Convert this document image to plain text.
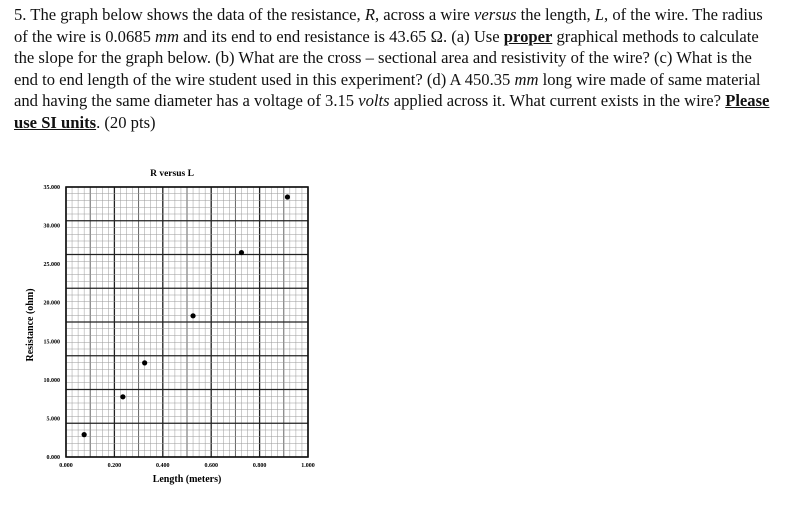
5. The graph below shows the data of the resistance, R, across a wire versus the length, L, of the wire. The radius of the wire is 0.0685 mm and its end to end resistance is 43.65 Ω. (a) Use proper graphical methods to calculate the slope for the graph below. (b) What are the cross – sectional area and resistivity of the wire? (c) What is the end to end length of the wire student used in this experiment? (d) A 450.35 mm long wire made of same material and having the same diameter has a voltage of 3.15 volts applied across it. What current exists in the wire? Please use SI units. (20 pts)

0.000	0.200	0.400	0.600	0.800	1.000
0.000
5.000
10.000
15.000
20.000
25.000
30.000
35.000
R versus L
Length (meters)
Resistance (ohm)
